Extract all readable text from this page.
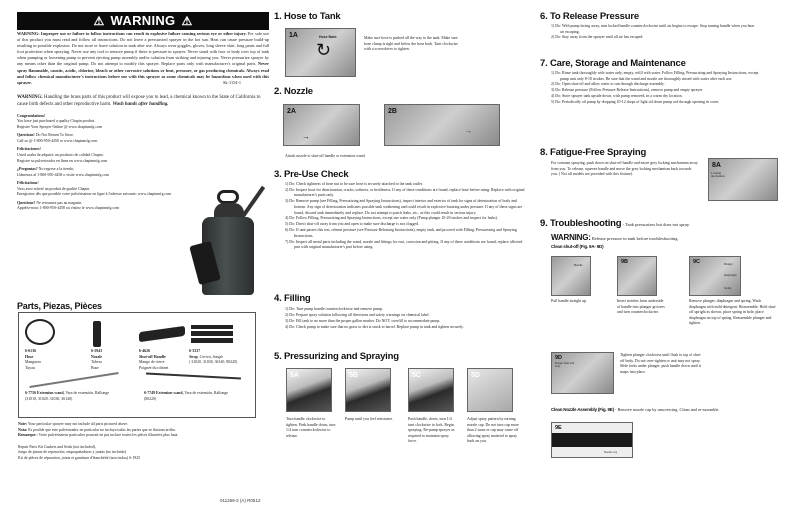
⚠ WARNING ⚠

WARNING: Improper use or failure to follow instructions can result in explosive failure causing serious eye or other injury. For safe use of this product you must read and follow all instructions. Do not leave a pressurized sprayer in the hot sun. Heat can cause pressure build-up resulting in possible explosion. Do not store or leave solution in tank after use. Always wear goggles, gloves, long sleeve shirt, long pants and full foot protection when spraying. Never use any tool to remove pump if there is pressure in sprayer. Never stand with face or body over top of tank when pumping or loosening pump to prevent ejecting pump assembly and/or solution from striking and injuring you. Never pressurize sprayer by any means other than the original pump. Do not attempt to modify this sprayer. Replace parts only with manufacturer's original parts. Never spray flammable, caustic, acidic, chlorine, bleach or other corrosive solutions or heat, pressure, or gas producing chemicals. Always read and follow chemical manufacturer's instructions before use with this sprayer as some chemicals may be hazardous when used with this sprayer.	Sk-1154-1

WARNING: Handling the brass parts of this product will expose you to lead, a chemical known to the State of California to cause birth defects and other reproductive harm. Wash hands after handling.

Congratulations!
You have just purchased a quality Chapin product.
Register Your Sprayer Online @ www.chapinmfg.com
Questions! Do Not Return To Store.
Call us @ 1-800-950-4458 or www.chapinmfg.com
Felicitaciones!
Usted acaba de adquirir un producto de calidad Chapin.
Registre su pulverizador en línea en www.chapinmfg.com
¿Preguntas? No regrese a la tienda;
Llámenos al 1-800-950-4458 o visite www.chapinmfg.com
Félicitations!
Vous avez acheté un produit de qualité Chapin.
Enregistrez dès que possible votre pulvérisateur en ligne à l'adresse suivante: www.chapinmfg.com
Questions? Ne retournez pas au magasin.
Appelez-nous 1-800-950-4458 ou visitez le www.chapinmfg.com
Parts, Piezas, Pièces
6-6136
Hose
Manguera
Tuyau
6-5943
Nozzle
Tobera
Buse
6-4626
Shut-off Handle
Mango de cierre
Poignée du robinet
6-3337
Strap, Correa, Sangle
( 31020, 31030, 36140, 80220)
6-7756 Extension wand, Vara de extensión, Rallonge
(31010, 31020, 31030, 36140)
6-7749 Extension wand, Vara de extensión, Rallonge
(80220)
Note: Your particular sprayer may not include all parts pictured above.
Nota: Es posible que este pulverizador en particular no incluya todas las partes que se ilustran arriba.
Remarque : Votre pulvérisateur particulier pourrait ne pas inclure toutes les pièces illustrées plus haut.
Repair Parts Kit Gaskets and Seals (not included),
Juego de piezas de reparación, empaquetaduras y juntas (no incluido)
Kit de pièces de réparation, joints et garniture d'étanchéité (non inclus) 6-1925
011269-2 (A) R0512
1. Hose to Tank
1A	Hose Barb
↻

Make sure hose is pushed all the way to the tank. Make sure hose clamp is tight and below the hose barb. Turn clockwise with a screwdriver to tighten.

2. Nozzle
2A
→
2B
→

Attach nozzle to shut-off handle or extension wand.

3. Pre-Use Check
1) Do: Check tightness of hose nut to be sure hose is securely attached to the tank outlet.
2) Do: Inspect hose for deterioration, cracks, softness, or brittleness. If any of these conditions are found, replace hose before using. Replace with original manufacturer's parts only.
3) Do: Remove pump (see Filling, Pressurizing and Spraying Instructions), inspect interior and exterior of tank for signs of deterioration of body and bottom. Any sign of deterioration indicates possible tank weakening and could result in explosive bursting under pressure. If any of these signs are found, discard tank immediately and replace. Do not attempt to patch leaks, etc., as this could result in serious injury.
4) Do: Follow Filling, Pressurizing and Spraying Instructions, except use water only (Pump plunger 10-20 strokes and inspect for leaks).
5) Do: Direct shut-off away from you and open to make sure discharge is not clogged.
6) Do: If unit passes this test, release pressure (see Pressure Releasing Instructions), empty tank, and proceed with Filling, Pressurizing and Spraying Instructions.
7) Do: Inspect all metal parts including the wand, nozzle and fittings for rust, corrosion and pitting. If any of these conditions are found, replace affected part with original manufacturer's part before using.
4. Filling
1) Do: Turn pump handle counterclockwise and remove pump.
2) Do: Prepare spray solution following all directions and safety warnings on chemical label.
3) Do: Fill tank to no more than the proper gallon marker. Do NOT: overfill to accommodate pump.
4) Do: Check pump to make sure that no grass or dirt is stuck to barrel. Replace pump in tank and tighten securely.
5. Pressurizing and Spraying
5A	5B	5C	5D

Turn handle clockwise to tighten. Push handle down, turn 1/4 turn counterclockwise to release.

Pump until you feel resistance.	Push handle, down, turn 1/4 turn clockwise to lock. Begin spraying. Re-pump sprayer as required to maintain spray force.

Adjust spray pattern by turning nozzle cap. Do not turn cap more than 2 turns or cap may come off allowing spray material to spray back on you.

6. To Release Pressure
1) Do: With pump facing away, turn locked handle counterclockwise until air begins to escape. Stop turning handle when you hear air escaping.
2) Do: Stay away from the sprayer until all air has escaped.
7. Care, Storage and Maintenance
1) Do: Rinse tank thoroughly with water only, empty, refill with water. Follow Filling, Pressurizing and Spraying Instructions, except pump unit only 8-10 strokes. Be sure that the wand and nozzle are thoroughly rinsed with water after each use.
2) Do: Open shut-off and allow water to run through discharge assembly.
3) Do: Release pressure (Follow Pressure Release Instructions), remove pump and empty sprayer.
4) Do: Store sprayer tank upside down, with pump removed, in a warm dry location.
5) Do: Periodically oil pump by dropping 10-12 drops of light oil down pump rod through opening in cover.
8. Fatigue-Free Spraying

For constant spraying, push down on shut-off handle and move grey locking mechanism away from you. To release, squeeze handle and move the grey locking mechanism back towards you. ( Not all models are provided with this feature).

8A
Locking mechanism
9. Troubleshooting - Tank pressurizes but does not spray.
WARNING: Release pressure in tank before troubleshooting.
Clean shut-off (Fig. 9A- 9D)
Handle	9B	9C	Plunger
Diaphragm
Spring

Pull handle straight up.	Insert notches from underside of handle into plunger grooves and turn counterclockwise.

Remove plunger, diaphragm and spring. Wash diaphragm with mild detergent. Reassemble: Hold shut-off upright as shown, place spring in hole, place diaphragm on top of spring. Reassemble plunger and tighten.

9D
Plunger flush with body

Tighten plunger clockwise until flush to top of shut-off body. Do not over-tighten or unit may not spray. Slide forks under plunger, push handle down until it snaps into place.

Clean Nozzle Assembly (Fig. 9E) - Remove nozzle cap by unscrewing. Clean and re-assemble.
9E
Nozzle Cap
